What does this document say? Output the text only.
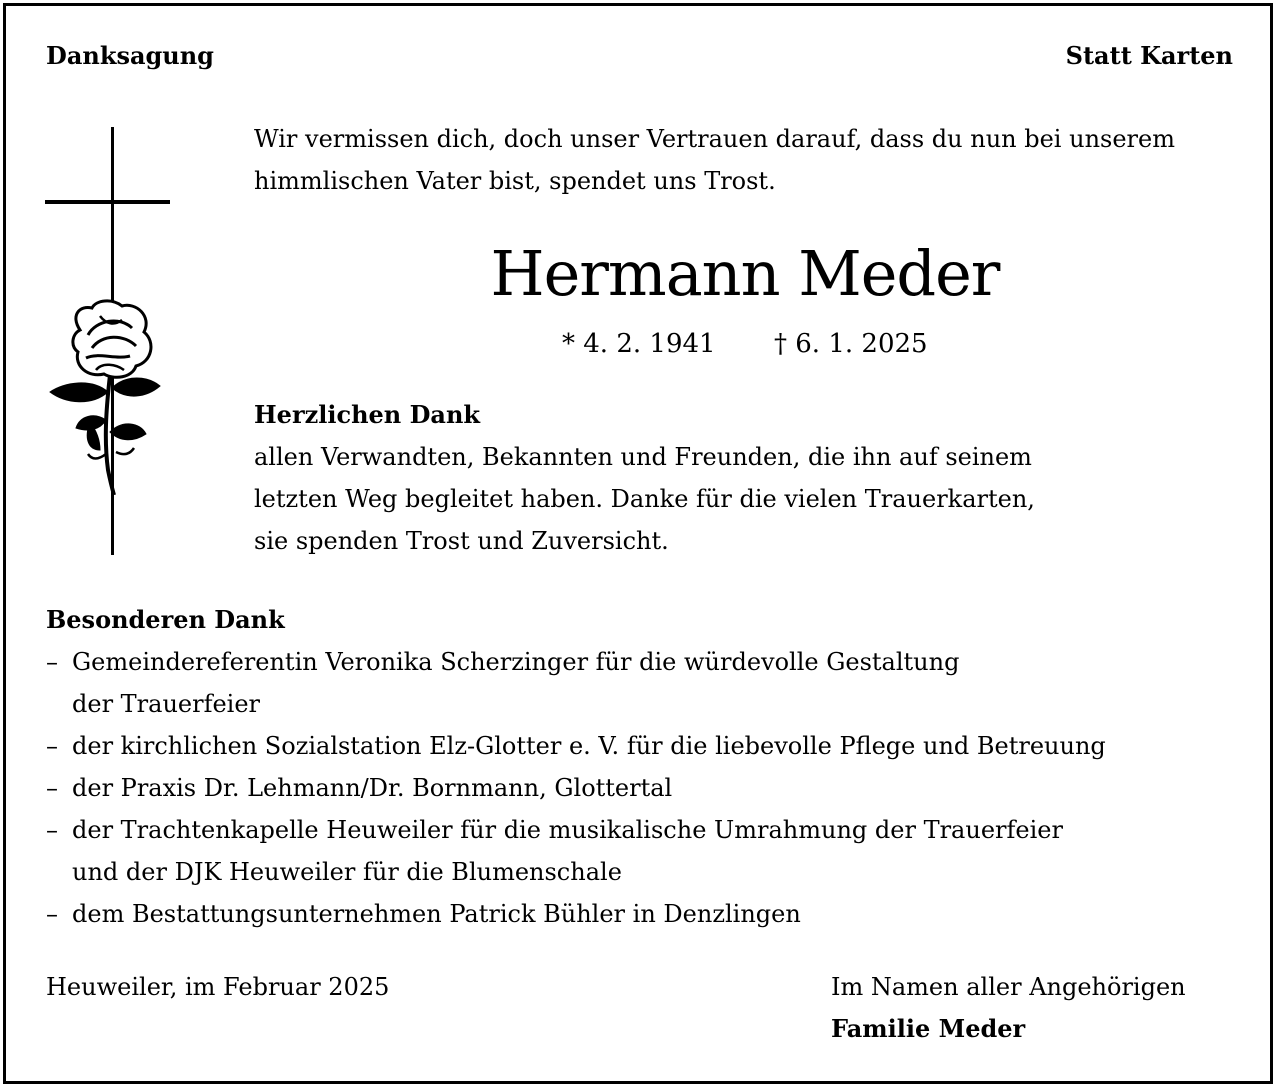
Danksagung	Statt Karten
Wir vermissen dich, doch unser Vertrauen darauf, dass du nun bei unserem
himmlischen Vater bist, spendet uns Trost.
Hermann Meder
* 4. 2. 1941 † 6. 1. 2025
Herzlichen Dank
allen Verwandten, Bekannten und Freunden, die ihn auf seinem
letzten Weg begleitet haben. Danke für die vielen Trauerkarten,
sie spenden Trost und Zuversicht.
Besonderen Dank
– Gemeindereferentin Veronika Scherzinger für die würdevolle Gestaltung
der Trauerfeier
– der kirchlichen Sozialstation Elz-Glotter e. V. für die liebevolle Pflege und Betreuung
– der Praxis Dr. Lehmann/Dr. Bornmann, Glottertal
– der Trachtenkapelle Heuweiler für die musikalische Umrahmung der Trauerfeier
und der DJK Heuweiler für die Blumenschale
– dem Bestattungsunternehmen Patrick Bühler in Denzlingen
Heuweiler, im Februar 2025	Im Namen aller Angehörigen
Familie Meder
